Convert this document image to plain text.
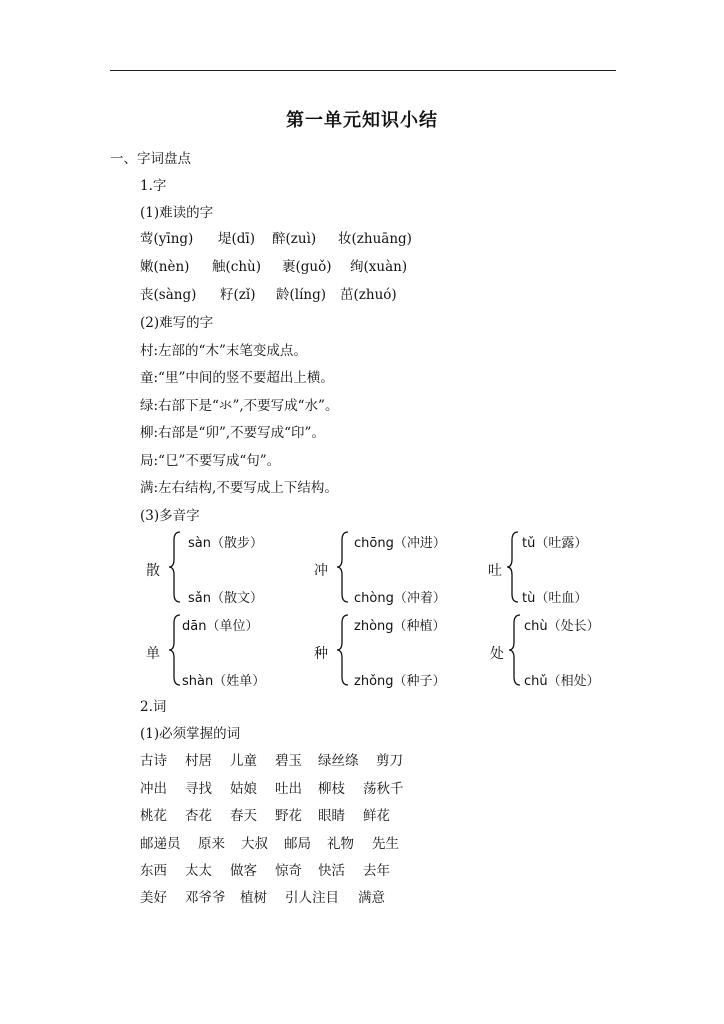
第一单元知识小结
一、字词盘点
1.字
(1)难读的字
莺(yīng) 堤(dī) 醉(zuì) 妆(zhuāng)
嫩(nèn) 触(chù) 裹(guǒ) 绚(xuàn)
丧(sàng) 籽(zǐ) 龄(líng) 茁(zhuó)
(2)难写的字
村:左部的“木”末笔变成点。
童:“里”中间的竖不要超出上横。
绿:右部下是“氺”,不要写成“水”。
柳:右部是“卯”,不要写成“印”。
局:“㔾”不要写成“句”。
满:左右结构,不要写成上下结构。
(3)多音字
散
sàn（散步）
sǎn（散文）
冲
chōng（冲进）
chòng（冲着）
吐
tǔ（吐露）
tù（吐血）
单
dān（单位）
shàn（姓单）
种
zhòng（种植）
zhǒng（种子）
处
chù（处长）
chǔ（相处）
2.词
(1)必须掌握的词
古诗 村居 儿童 碧玉 绿丝绦 剪刀
冲出 寻找 姑娘 吐出 柳枝 荡秋千
桃花 杏花 春天 野花 眼睛 鲜花
邮递员 原来 大叔 邮局 礼物 先生
东西 太太 做客 惊奇 快活 去年
美好 邓爷爷 植树 引人注目 满意
